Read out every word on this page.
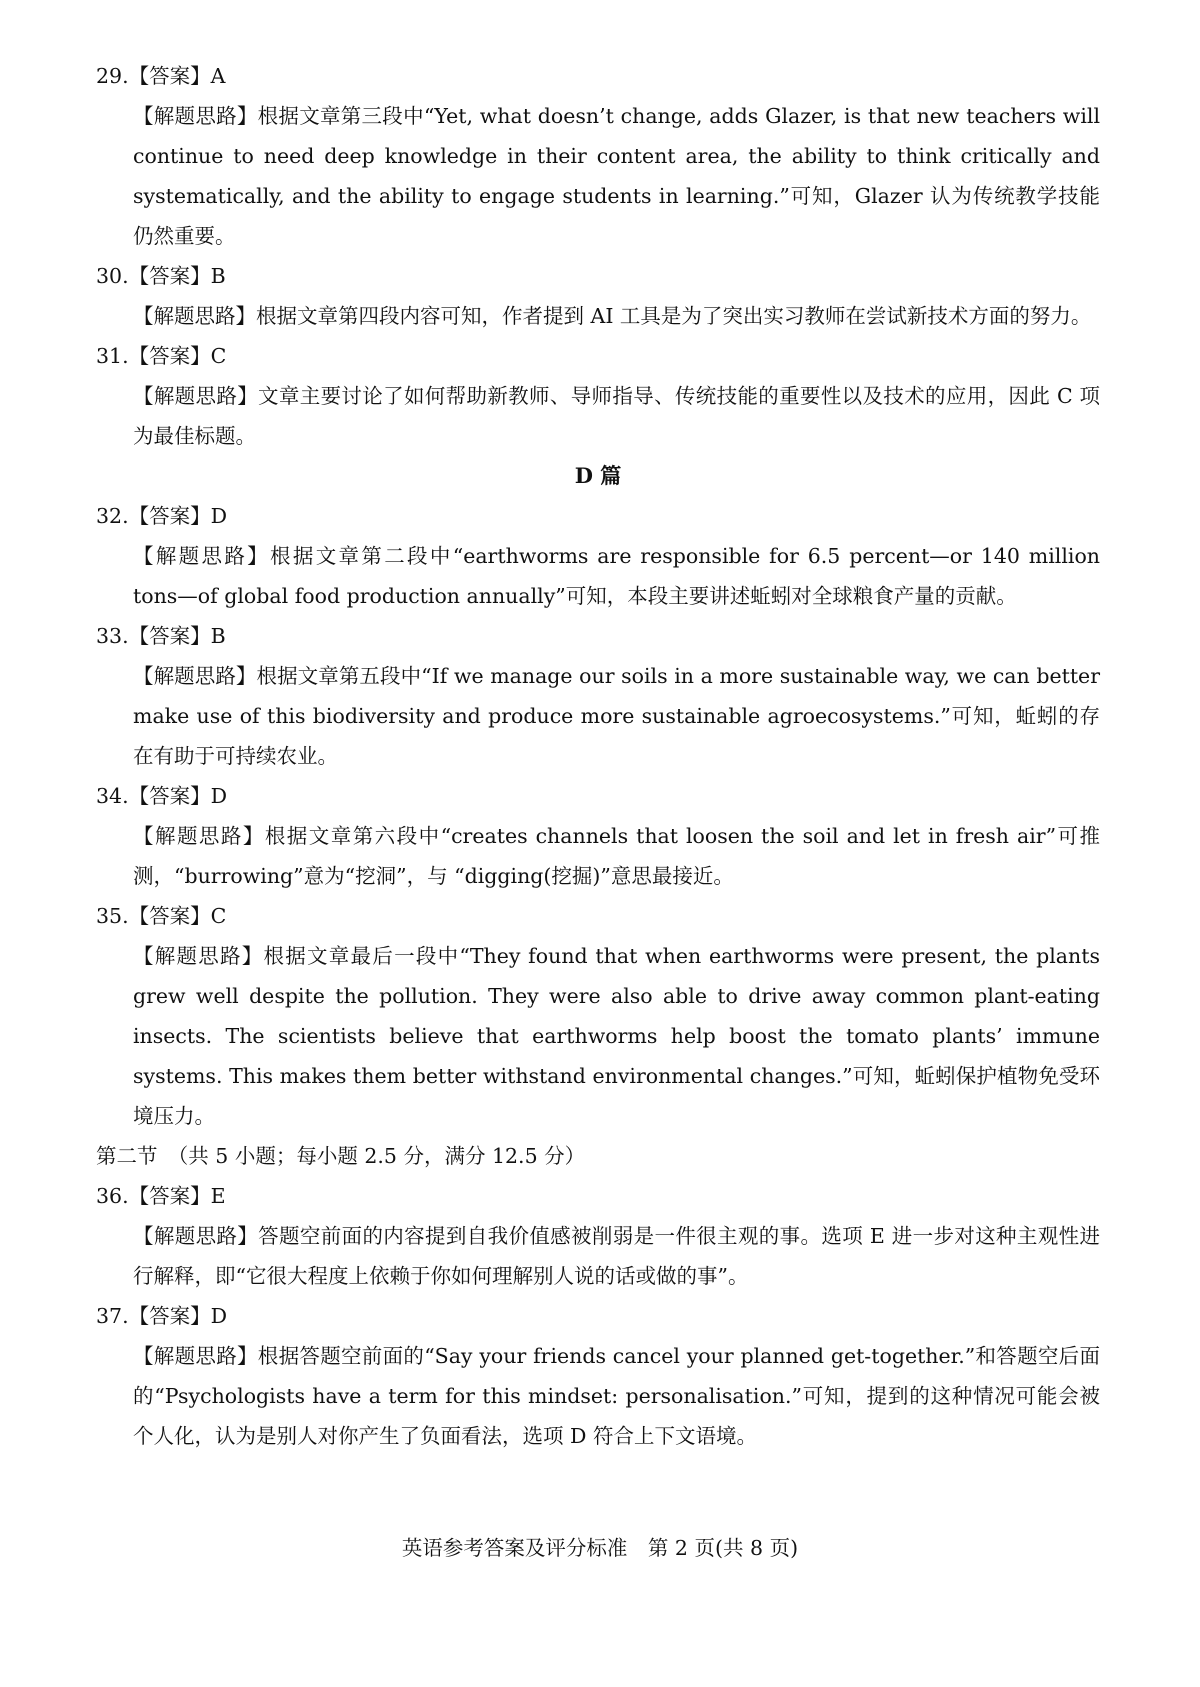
29.【答案】A
【解题思路】根据文章第三段中“Yet, what doesn’t change, adds Glazer, is that new teachers will continue to need deep knowledge in their content area, the ability to think critically and systematically, and the ability to engage students in learning.”可知，Glazer 认为传统教学技能仍然重要。
30.【答案】B
【解题思路】根据文章第四段内容可知，作者提到 AI 工具是为了突出实习教师在尝试新技术方面的努力。
31.【答案】C
【解题思路】文章主要讨论了如何帮助新教师、导师指导、传统技能的重要性以及技术的应用，因此 C 项为最佳标题。
D 篇
32.【答案】D
【解题思路】根据文章第二段中“earthworms are responsible for 6.5 percent—or 140 million tons—of global food production annually”可知，本段主要讲述蚯蚓对全球粮食产量的贡献。
33.【答案】B
【解题思路】根据文章第五段中“If we manage our soils in a more sustainable way, we can better make use of this biodiversity and produce more sustainable agroecosystems.”可知，蚯蚓的存在有助于可持续农业。
34.【答案】D
【解题思路】根据文章第六段中“creates channels that loosen the soil and let in fresh air”可推测，“burrowing”意为“挖洞”，与 “digging(挖掘)”意思最接近。
35.【答案】C
【解题思路】根据文章最后一段中“They found that when earthworms were present, the plants grew well despite the pollution. They were also able to drive away common plant-eating insects. The scientists believe that earthworms help boost the tomato plants’ immune systems. This makes them better withstand environmental changes.”可知，蚯蚓保护植物免受环境压力。
第二节　（共 5 小题；每小题 2.5 分，满分 12.5 分）
36.【答案】E
【解题思路】答题空前面的内容提到自我价值感被削弱是一件很主观的事。选项 E 进一步对这种主观性进行解释，即“它很大程度上依赖于你如何理解别人说的话或做的事”。
37.【答案】D
【解题思路】根据答题空前面的“Say your friends cancel your planned get-together.”和答题空后面的“Psychologists have a term for this mindset: personalisation.”可知，提到的这种情况可能会被个人化，认为是别人对你产生了负面看法，选项 D 符合上下文语境。
英语参考答案及评分标准　第 2 页(共 8 页)
